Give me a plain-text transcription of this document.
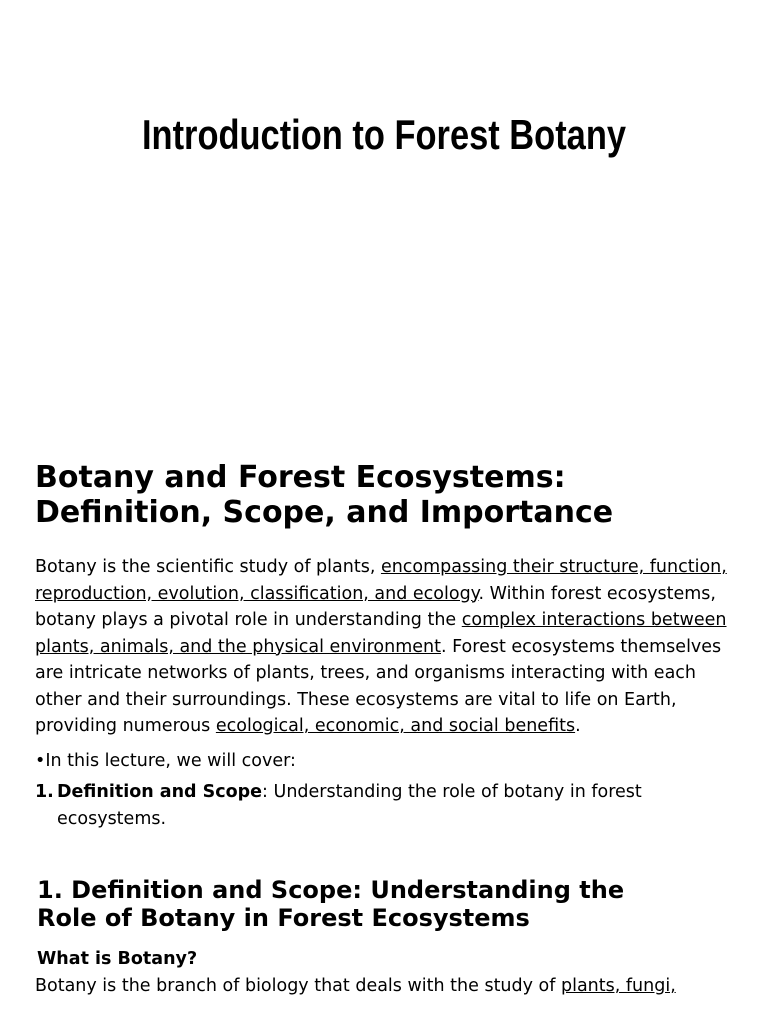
Introduction to Forest Botany
Botany and Forest Ecosystems:
Definition, Scope, and Importance

Botany is the scientific study of plants, encompassing their structure, function, reproduction, evolution, classification, and ecology. Within forest ecosystems, botany plays a pivotal role in understanding the complex interactions between plants, animals, and the physical environment. Forest ecosystems themselves are intricate networks of plants, trees, and organisms interacting with each other and their surroundings. These ecosystems are vital to life on Earth, providing numerous ecological, economic, and social benefits.

•In this lecture, we will cover:

1. Definition and Scope: Understanding the role of botany in forest ecosystems.
1. Definition and Scope: Understanding the
Role of Botany in Forest Ecosystems
What is Botany?

Botany is the branch of biology that deals with the study of plants, fungi,
